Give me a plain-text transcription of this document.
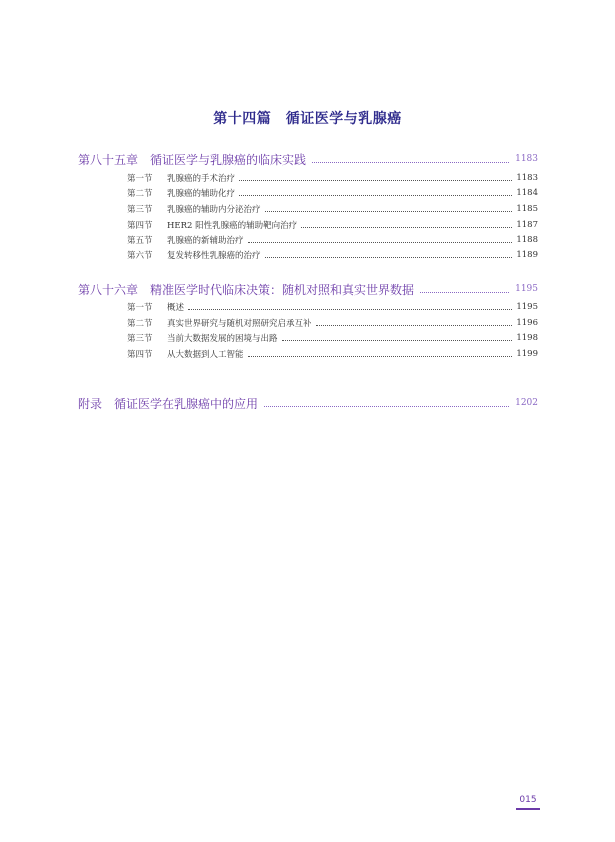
第十四篇　循证医学与乳腺癌
第八十五章　循证医学与乳腺癌的临床实践	1183
第一节	乳腺癌的手术治疗	1183
第二节	乳腺癌的辅助化疗	1184
第三节	乳腺癌的辅助内分泌治疗	1185
第四节	HER2 阳性乳腺癌的辅助靶向治疗	1187
第五节	乳腺癌的新辅助治疗	1188
第六节	复发转移性乳腺癌的治疗	1189
第八十六章　精准医学时代临床决策：随机对照和真实世界数据	1195
第一节	概述	1195
第二节	真实世界研究与随机对照研究启承互补	1196
第三节	当前大数据发展的困境与出路	1198
第四节	从大数据到人工智能	1199
附录　循证医学在乳腺癌中的应用	1202
015
